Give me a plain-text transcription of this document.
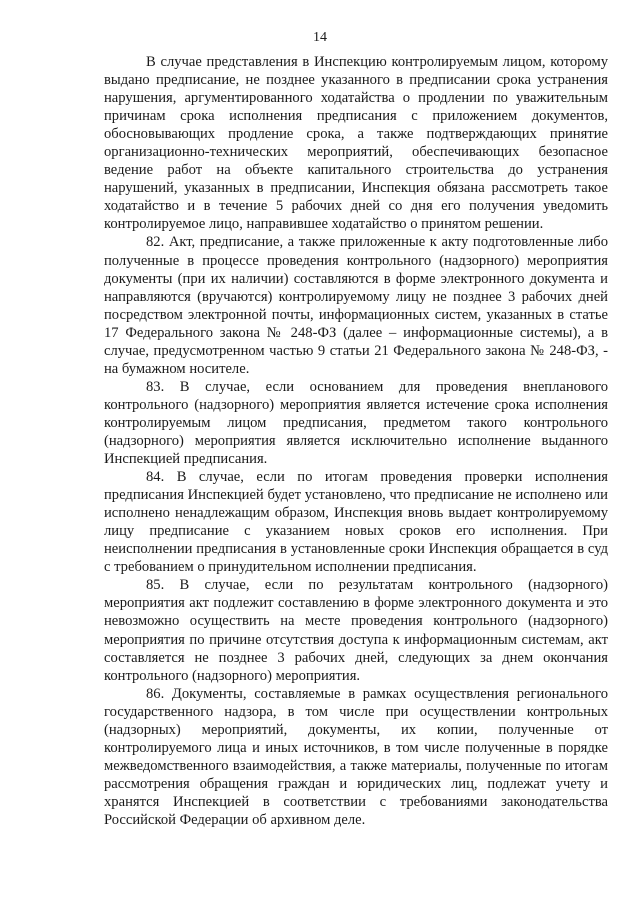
14

В случае представления в Инспекцию контролируемым лицом, которому выдано предписание, не позднее указанного в предписании срока устранения нарушения, аргументированного ходатайства о продлении по уважительным причинам срока исполнения предписания с приложением документов, обосновывающих продление срока, а также подтверждающих принятие организационно-технических мероприятий, обеспечивающих безопасное ведение работ на объекте капитального строительства до устранения нарушений, указанных в предписании, Инспекция обязана рассмотреть такое ходатайство и в течение 5 рабочих дней со дня его получения уведомить контролируемое лицо, направившее ходатайство о принятом решении.

82. Акт, предписание, а также приложенные к акту подготовленные либо полученные в процессе проведения контрольного (надзорного) мероприятия документы (при их наличии) составляются в форме электронного документа и направляются (вручаются) контролируемому лицу не позднее 3 рабочих дней посредством электронной почты, информационных систем, указанных в статье 17 Федерального закона № 248-ФЗ (далее – информационные системы), а в случае, предусмотренном частью 9 статьи 21 Федерального закона № 248-ФЗ, - на бумажном носителе.

83. В случае, если основанием для проведения внепланового контрольного (надзорного) мероприятия является истечение срока исполнения контролируемым лицом предписания, предметом такого контрольного (надзорного) мероприятия является исключительно исполнение выданного Инспекцией предписания.

84. В случае, если по итогам проведения проверки исполнения предписания Инспекцией будет установлено, что предписание не исполнено или исполнено ненадлежащим образом, Инспекция вновь выдает контролируемому лицу предписание с указанием новых сроков его исполнения. При неисполнении предписания в установленные сроки Инспекция обращается в суд с требованием о принудительном исполнении предписания.

85. В случае, если по результатам контрольного (надзорного) мероприятия акт подлежит составлению в форме электронного документа и это невозможно осуществить на месте проведения контрольного (надзорного) мероприятия по причине отсутствия доступа к информационным системам, акт составляется не позднее 3 рабочих дней, следующих за днем окончания контрольного (надзорного) мероприятия.

86. Документы, составляемые в рамках осуществления регионального государственного надзора, в том числе при осуществлении контрольных (надзорных) мероприятий, документы, их копии, полученные от контролируемого лица и иных источников, в том числе полученные в порядке межведомственного взаимодействия, а также материалы, полученные по итогам рассмотрения обращения граждан и юридических лиц, подлежат учету и хранятся Инспекцией в соответствии с требованиями законодательства Российской Федерации об архивном деле.
